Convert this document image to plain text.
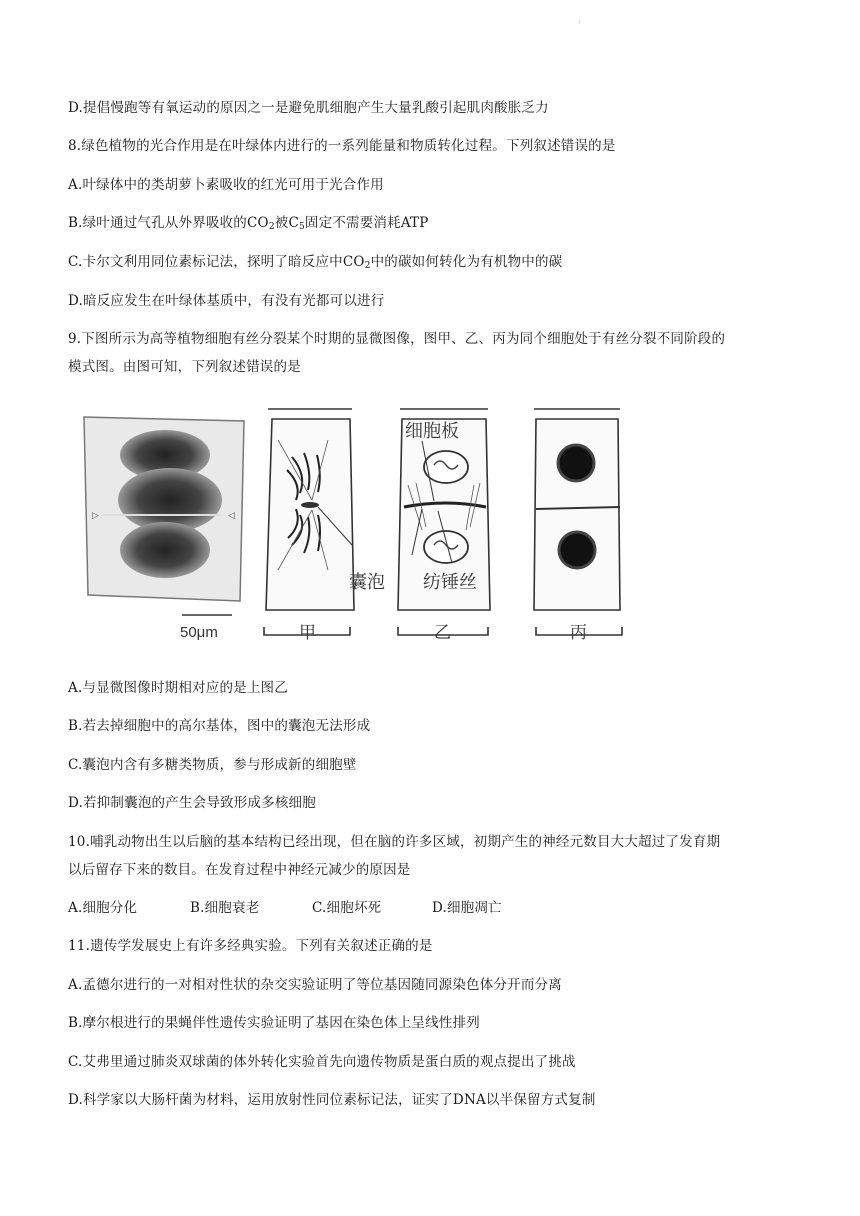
·
D.提倡慢跑等有氧运动的原因之一是避免肌细胞产生大量乳酸引起肌肉酸胀乏力
8.绿色植物的光合作用是在叶绿体内进行的一系列能量和物质转化过程。下列叙述错误的是
A.叶绿体中的类胡萝卜素吸收的红光可用于光合作用
B.绿叶通过气孔从外界吸收的$CO_2$被$C_5$固定不需要消耗ATP
C.卡尔文利用同位素标记法，探明了暗反应中$CO_2$中的碳如何转化为有机物中的碳
D.暗反应发生在叶绿体基质中，有没有光都可以进行
9.下图所示为高等植物细胞有丝分裂某个时期的显微图像，图甲、乙、丙为同个细胞处于有丝分裂不同阶段的
模式图。由图可知，下列叙述错误的是
▷	◁
50μm	甲
细胞板
囊泡 纺锤丝
乙	丙
A.与显微图像时期相对应的是上图乙
B.若去掉细胞中的高尔基体，图中的囊泡无法形成
C.囊泡内含有多糖类物质，参与形成新的细胞壁
D.若抑制囊泡的产生会导致形成多核细胞
10.哺乳动物出生以后脑的基本结构已经出现，但在脑的许多区域，初期产生的神经元数目大大超过了发育期
以后留存下来的数目。在发育过程中神经元减少的原因是
A.细胞分化	B.细胞衰老	C.细胞坏死	D.细胞凋亡
11.遗传学发展史上有许多经典实验。下列有关叙述正确的是
A.孟德尔进行的一对相对性状的杂交实验证明了等位基因随同源染色体分开而分离
B.摩尔根进行的果蝇伴性遗传实验证明了基因在染色体上呈线性排列
C.艾弗里通过肺炎双球菌的体外转化实验首先向遗传物质是蛋白质的观点提出了挑战
D.科学家以大肠杆菌为材料，运用放射性同位素标记法，证实了DNA以半保留方式复制
